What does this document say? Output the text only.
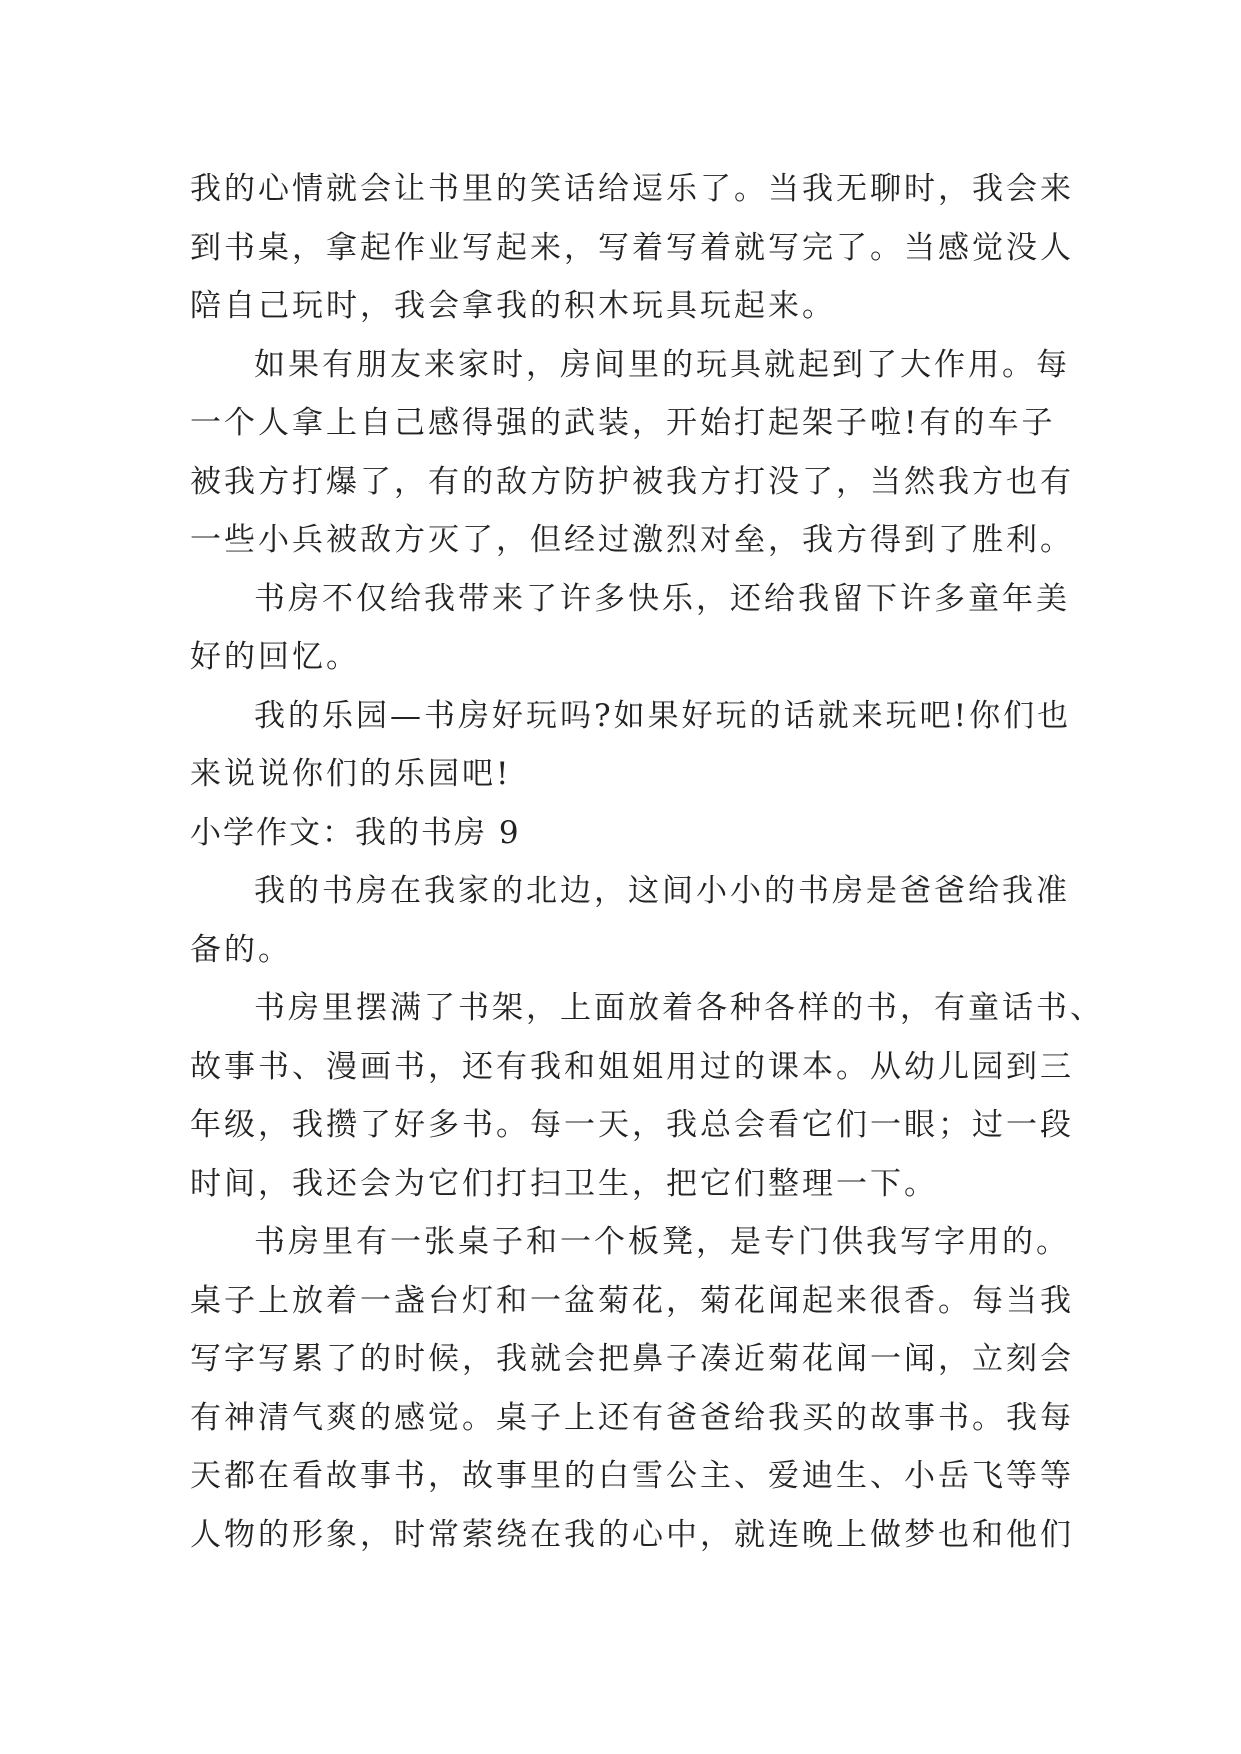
我的心情就会让书里的笑话给逗乐了。当我无聊时，我会来
到书桌，拿起作业写起来，写着写着就写完了。当感觉没人
陪自己玩时，我会拿我的积木玩具玩起来。
如果有朋友来家时，房间里的玩具就起到了大作用。每
一个人拿上自己感得强的武装，开始打起架子啦!有的车子
被我方打爆了，有的敌方防护被我方打没了，当然我方也有
一些小兵被敌方灭了，但经过激烈对垒，我方得到了胜利。
书房不仅给我带来了许多快乐，还给我留下许多童年美
好的回忆。
我的乐园—书房好玩吗?如果好玩的话就来玩吧!你们也
来说说你们的乐园吧!
小学作文：我的书房 9
我的书房在我家的北边，这间小小的书房是爸爸给我准
备的。
书房里摆满了书架，上面放着各种各样的书，有童话书、
故事书、漫画书，还有我和姐姐用过的课本。从幼儿园到三
年级，我攒了好多书。每一天，我总会看它们一眼；过一段
时间，我还会为它们打扫卫生，把它们整理一下。
书房里有一张桌子和一个板凳，是专门供我写字用的。
桌子上放着一盏台灯和一盆菊花，菊花闻起来很香。每当我
写字写累了的时候，我就会把鼻子凑近菊花闻一闻，立刻会
有神清气爽的感觉。桌子上还有爸爸给我买的故事书。我每
天都在看故事书，故事里的白雪公主、爱迪生、小岳飞等等
人物的形象，时常萦绕在我的心中，就连晚上做梦也和他们
